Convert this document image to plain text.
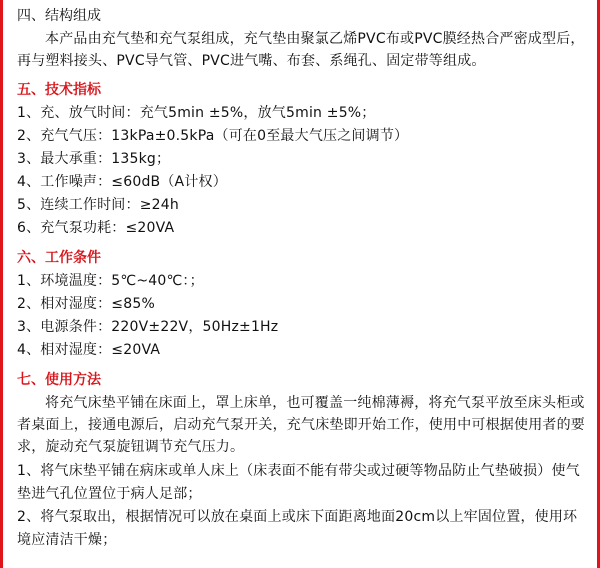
四、结构组成
本产品由充气垫和充气泵组成，充气垫由聚氯乙烯PVC布或PVC膜经热合严密成型后，再与塑料接头、PVC导气管、PVC进气嘴、布套、系绳孔、固定带等组成。
五、技术指标
1、充、放气时间：充气5min ±5%，放气5min ±5%；
2、充气气压：13kPa±0.5kPa（可在0至最大气压之间调节）
3、最大承重：135kg；
4、工作噪声：≤60dB（A计权）
5、连续工作时间：≥24h
6、充气泵功耗：≤20VA
六、工作条件
1、环境温度：5℃~40℃：；
2、相对湿度：≤85%
3、电源条件：220V±22V，50Hz±1Hz
4、相对湿度：≤20VA
七、使用方法
将充气床垫平铺在床面上，罩上床单，也可覆盖一纯棉薄褥，将充气泵平放至床头柜或者桌面上，接通电源后，启动充气泵开关，充气床垫即开始工作，使用中可根据使用者的要求，旋动充气泵旋钮调节充气压力。
1、将气床垫平铺在病床或单人床上（床表面不能有带尖或过硬等物品防止气垫破损）使气垫进气孔位置位于病人足部；
2、将气泵取出，根据情况可以放在桌面上或床下面距离地面20cm以上牢固位置，使用环境应清洁干燥；
